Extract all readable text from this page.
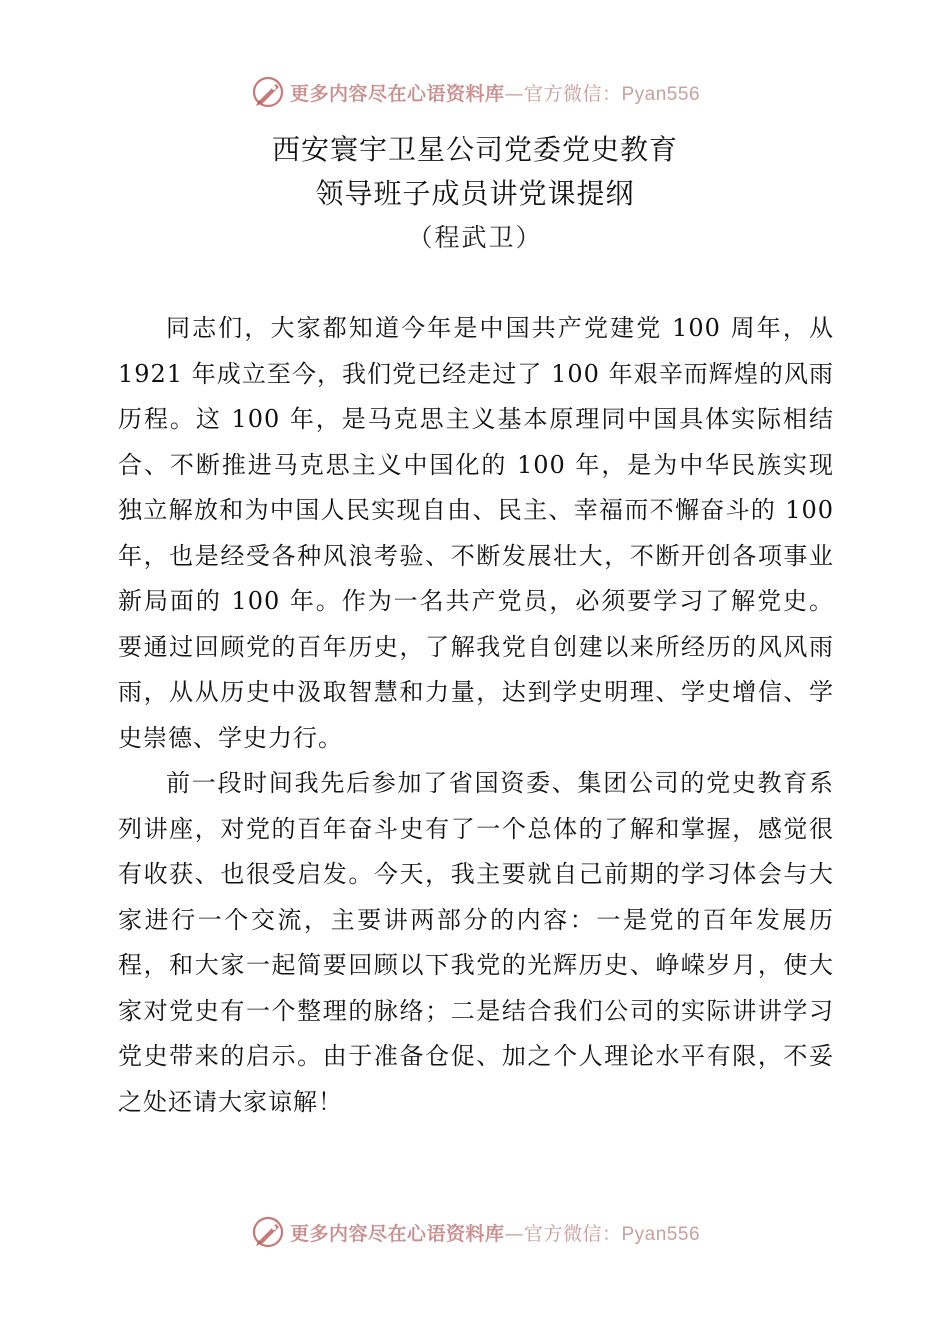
更多内容尽在心语资料库—官方微信：Pyan556
西安寰宇卫星公司党委党史教育
领导班子成员讲党课提纲
（程武卫）

同志们，大家都知道今年是中国共产党建党 100 周年，从 1921 年成立至今，我们党已经走过了 100 年艰辛而辉煌的风雨历程。这 100 年，是马克思主义基本原理同中国具体实际相结合、不断推进马克思主义中国化的 100 年，是为中华民族实现独立解放和为中国人民实现自由、民主、幸福而不懈奋斗的 100 年，也是经受各种风浪考验、不断发展壮大，不断开创各项事业新局面的 100 年。作为一名共产党员，必须要学习了解党史。要通过回顾党的百年历史，了解我党自创建以来所经历的风风雨雨，从从历史中汲取智慧和力量，达到学史明理、学史增信、学史崇德、学史力行。

前一段时间我先后参加了省国资委、集团公司的党史教育系列讲座，对党的百年奋斗史有了一个总体的了解和掌握，感觉很有收获、也很受启发。今天，我主要就自己前期的学习体会与大家进行一个交流，主要讲两部分的内容：一是党的百年发展历程，和大家一起简要回顾以下我党的光辉历史、峥嵘岁月，使大家对党史有一个整理的脉络；二是结合我们公司的实际讲讲学习党史带来的启示。由于准备仓促、加之个人理论水平有限，不妥之处还请大家谅解！

更多内容尽在心语资料库—官方微信：Pyan556
